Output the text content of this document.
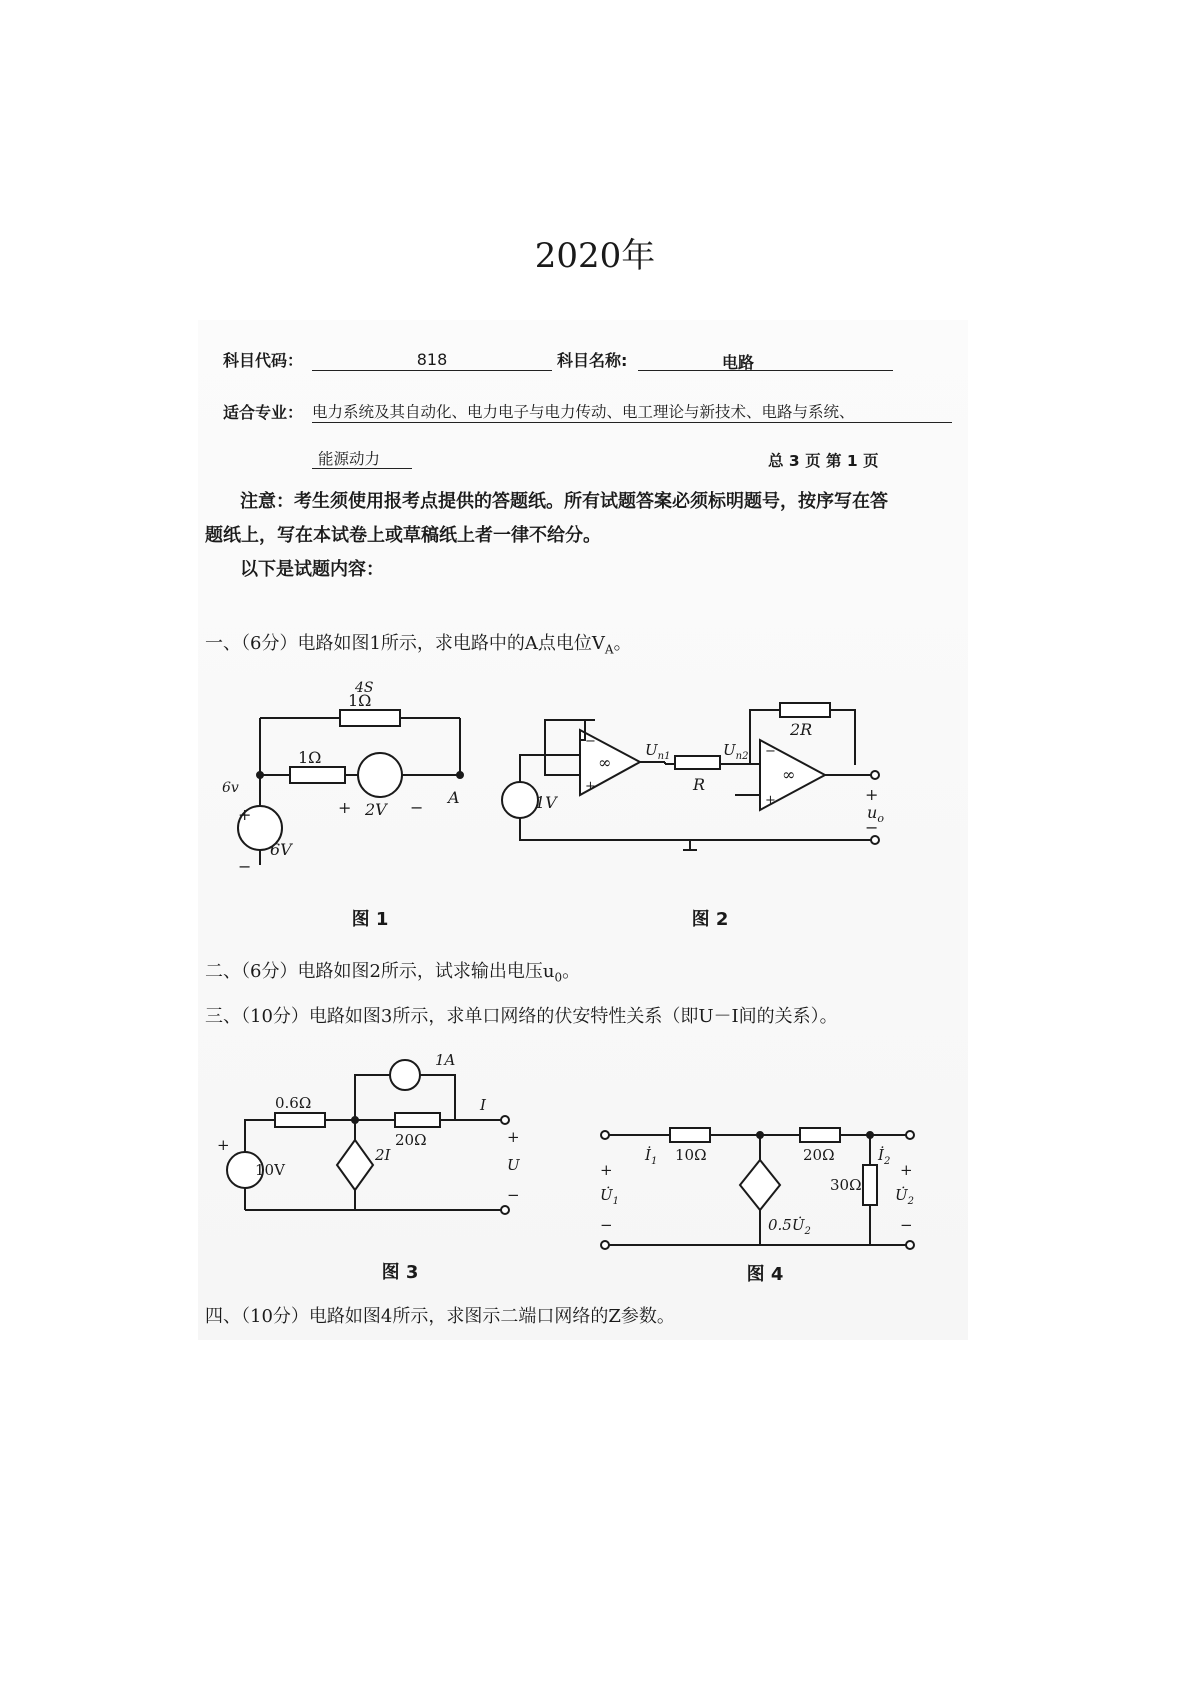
2020年
科目代码：	818	科目名称:	电路
适合专业： 电力系统及其自动化、电力电子与电力传动、电工理论与新技术、电路与系统、
能源动力	总 3 页 第 1 页
注意：考生须使用报考点提供的答题纸。所有试题答案必须标明题号，按序写在答
题纸上，写在本试卷上或草稿纸上者一律不给分。
以下是试题内容：
一、（6分）电路如图1所示，求电路中的A点电位$V_A$。
1Ω
1Ω
+
−
6V
+	−
2V
A
4S
6v
图 1
∞
∞
−
+
−
+
2R
R
1V	+
−
$u_o$
$U_{n1}$	$U_{n2}$
图 2
二、（6分）电路如图2所示，试求输出电压$u_0$。
三、（10分）电路如图3所示，求单口网络的伏安特性关系（即U－I间的关系）。
0.6Ω
20Ω
10V
+
1A
2I
I
+
U
−
图 3
10Ω	20Ω
30Ω
$0.5U̇_2$
$İ_1$	$İ_2$
+
$U̇_1$
−
+
$U̇_2$
−
图 4
四、（10分）电路如图4所示，求图示二端口网络的Z参数。
